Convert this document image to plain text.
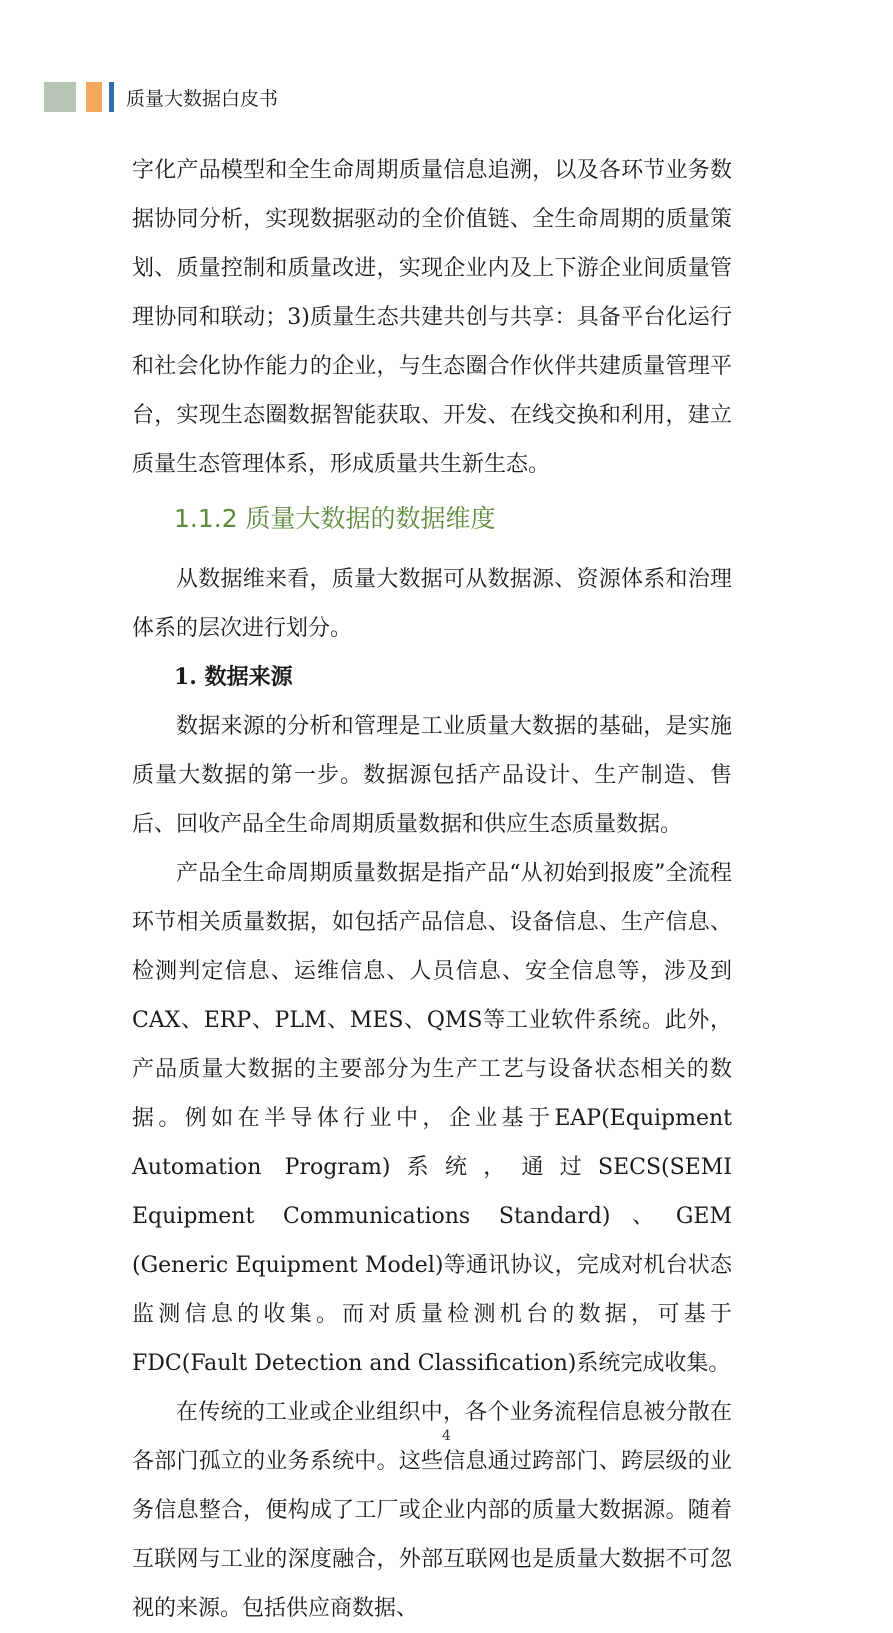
质量大数据白皮书

字化产品模型和全生命周期质量信息追溯，以及各环节业务数据协同分析，实现数据驱动的全价值链、全生命周期的质量策划、质量控制和质量改进，实现企业内及上下游企业间质量管理协同和联动；3)质量生态共建共创与共享：具备平台化运行和社会化协作能力的企业，与生态圈合作伙伴共建质量管理平台，实现生态圈数据智能获取、开发、在线交换和利用，建立质量生态管理体系，形成质量共生新生态。

1.1.2 质量大数据的数据维度

从数据维来看，质量大数据可从数据源、资源体系和治理体系的层次进行划分。

1. 数据来源

数据来源的分析和管理是工业质量大数据的基础，是实施质量大数据的第一步。数据源包括产品设计、生产制造、售后、回收产品全生命周期质量数据和供应生态质量数据。

产品全生命周期质量数据是指产品“从初始到报废”全流程环节相关质量数据，如包括产品信息、设备信息、生产信息、检测判定信息、运维信息、人员信息、安全信息等，涉及到CAX、ERP、PLM、MES、QMS等工业软件系统。此外，产品质量大数据的主要部分为生产工艺与设备状态相关的数据。例如在半导体行业中，企业基于EAP(Equipment Automation Program)系统，通过SECS(SEMI Equipment Communications Standard)、GEM (Generic Equipment Model)等通讯协议，完成对机台状态监测信息的收集。而对质量检测机台的数据，可基于FDC(Fault Detection and Classification)系统完成收集。

在传统的工业或企业组织中，各个业务流程信息被分散在各部门孤立的业务系统中。这些信息通过跨部门、跨层级的业务信息整合，便构成了工厂或企业内部的质量大数据源。随着互联网与工业的深度融合，外部互联网也是质量大数据不可忽视的来源。包括供应商数据、

4
